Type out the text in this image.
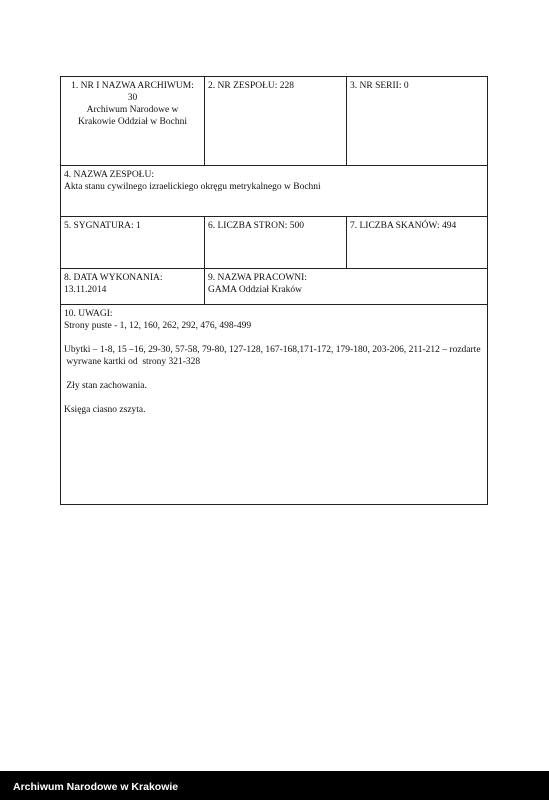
1. NR I NAZWA ARCHIWUM:
30
Archiwum Narodowe w
Krakowie Oddział w Bochni
2. NR ZESPOŁU: 228	3. NR SERII: 0
4. NAZWA ZESPOŁU:
Akta stanu cywilnego izraelickiego okręgu metrykalnego w Bochni
5. SYGNATURA: 1	6. LICZBA STRON: 500	7. LICZBA SKANÓW: 494
8. DATA WYKONANIA:
13.11.2014
9. NAZWA PRACOWNI:
GAMA Oddział Kraków
10. UWAGI:

Strony puste - 1, 12, 160, 262, 292, 476, 498-499

Ubytki – 1-8, 15 –16, 29-30, 57-58, 79-80, 127-128, 167-168,171-172, 179-180, 203-206, 211-212 – rozdarte

wyrwane kartki od  strony 321-328

Zły stan zachowania.

Księga ciasno zszyta.

Archiwum Narodowe w Krakowie
